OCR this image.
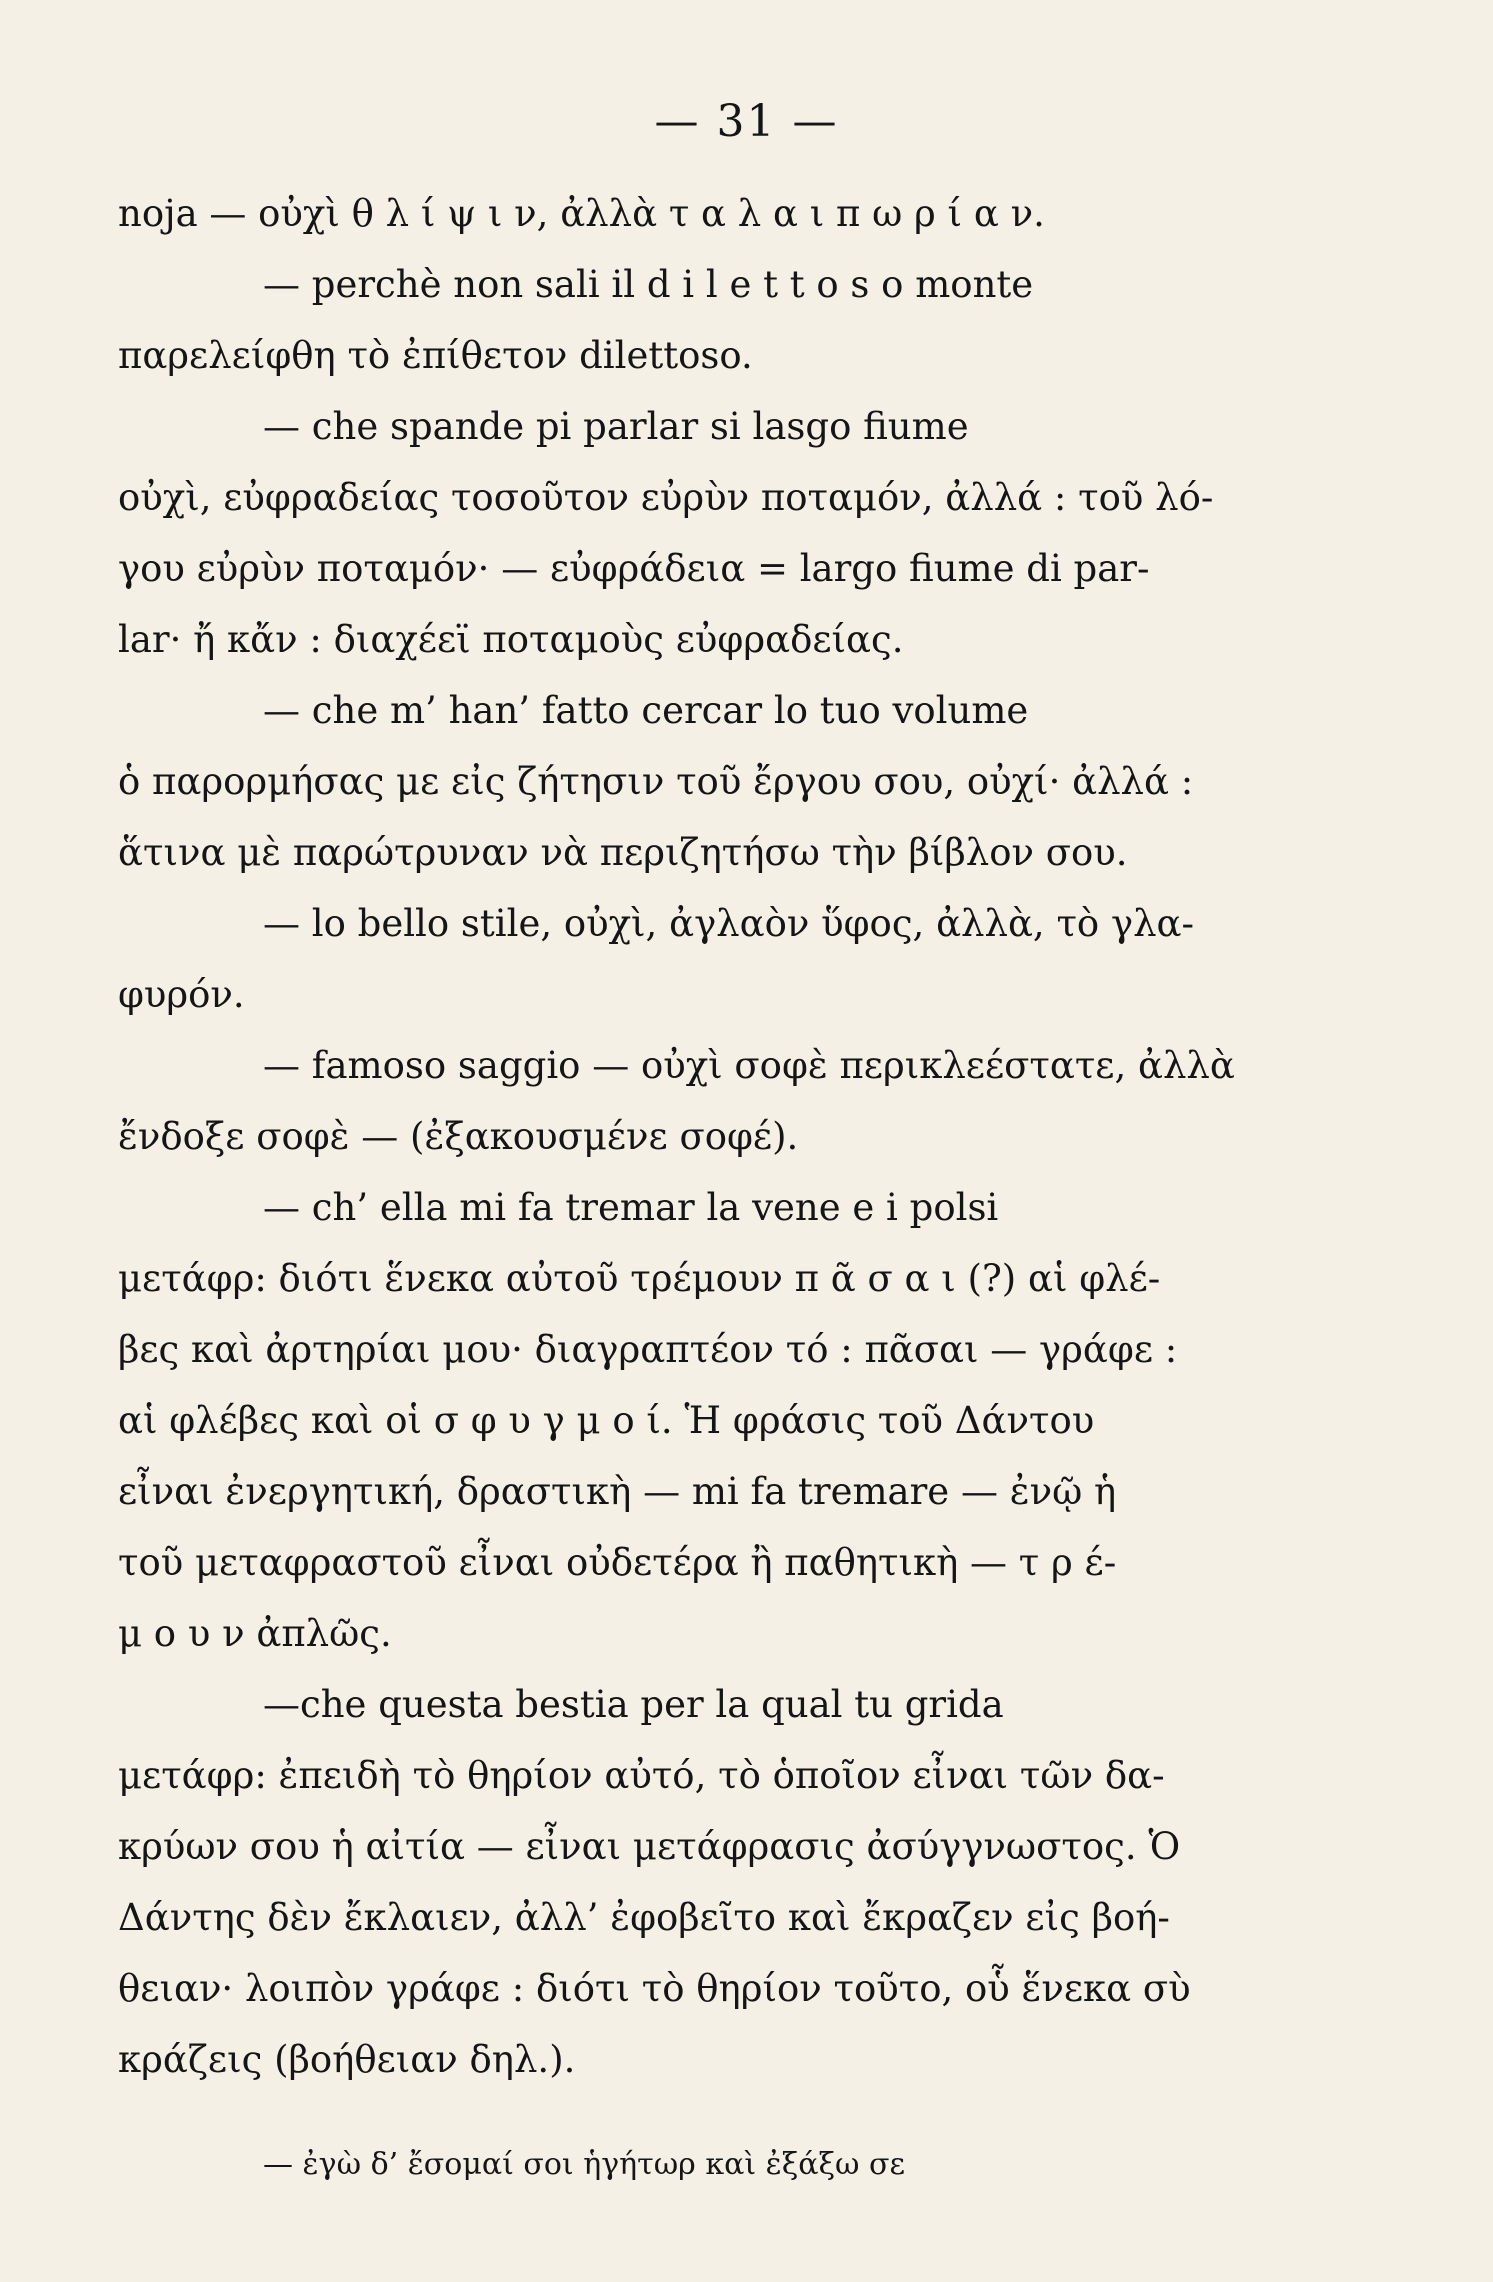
— 31 —
noja — οὐχὶ θ λ ί ψ ι ν, ἀλλὰ τ α λ α ι π ω ρ ί α ν.
— perchè non sali il d i l e t t o s o monte
παρελείφθη τὸ ἐπίθετον dilettoso.
— che spande pi parlar si lasgo fiume
οὐχὶ, εὐφραδείας τοσοῦτον εὐρὺν ποταμόν, ἀλλά : τοῦ λό-
γου εὐρὺν ποταμόν· — εὐφράδεια = largo fiume di par-
lar· ἤ κἄν : διαχέεϊ ποταμοὺς εὐφραδείας.
— che m’ han’ fatto cercar lo tuo volume
ὁ παρορμήσας με εἰς ζήτησιν τοῦ ἔργου σου, οὐχί· ἀλλά :
ἅτινα μὲ παρώτρυναν νὰ περιζητήσω τὴν βίβλον σου.
— lo bello stile, οὐχὶ, ἀγλαὸν ὕφος, ἀλλὰ, τὸ γλα-
φυρόν.
— famoso saggio — οὐχὶ σοφὲ περικλεέστατε, ἀλλὰ
ἔνδοξε σοφὲ — (ἐξακουσμένε σοφέ).
— ch’ ella mi fa tremar la vene e i polsi
μετάφρ: διότι ἕνεκα αὐτοῦ τρέμουν π ᾶ σ α ι (?) αἱ φλέ-
βες καὶ ἀρτηρίαι μου· διαγραπτέον τό : πᾶσαι — γράφε :
αἱ φλέβες καὶ οἱ σ φ υ γ μ ο ί. Ἡ φράσις τοῦ Δάντου
εἶναι ἐνεργητική, δραστικὴ — mi fa tremare — ἐνῷ ἡ
τοῦ μεταφραστοῦ εἶναι οὐδετέρα ἢ παθητικὴ — τ ρ έ-
μ ο υ ν ἀπλῶς.
—che questa bestia per la qual tu grida
μετάφρ: ἐπειδὴ τὸ θηρίον αὐτό, τὸ ὁποῖον εἶναι τῶν δα-
κρύων σου ἡ αἰτία — εἶναι μετάφρασις ἀσύγγνωστος. Ὁ
Δάντης δὲν ἔκλαιεν, ἀλλ’ ἐφοβεῖτο καὶ ἔκραζεν εἰς βοή-
θειαν· λοιπὸν γράφε : διότι τὸ θηρίον τοῦτο, οὗ ἕνεκα σὺ
κράζεις (βοήθειαν δηλ.).
— ἐγὼ δ’ ἔσομαί σοι ἡγήτωρ καὶ ἐξάξω σε
